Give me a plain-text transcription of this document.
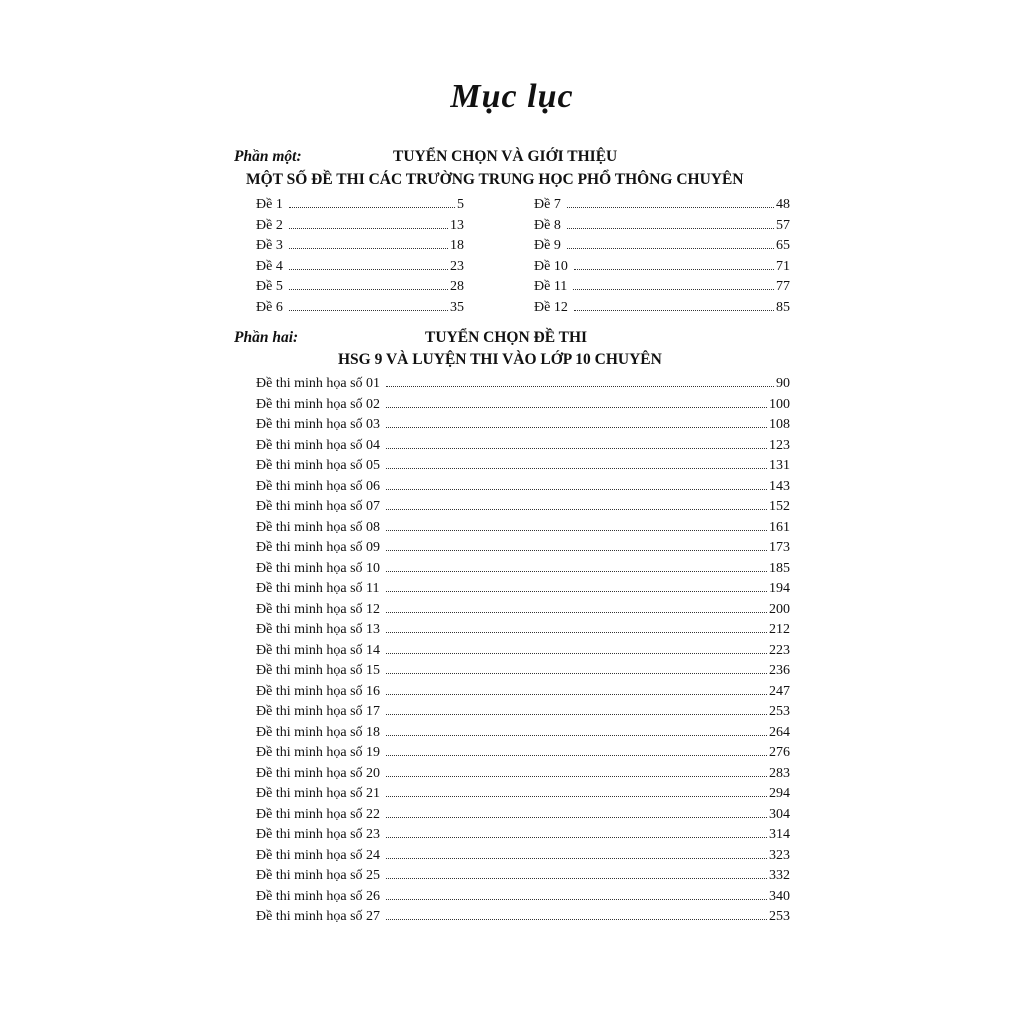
Mục lục
Phần một:	TUYỂN CHỌN VÀ GIỚI THIỆU
MỘT SỐ ĐỀ THI CÁC TRƯỜNG TRUNG HỌC PHỔ THÔNG CHUYÊN
Đề 1	5
Đề 2	13
Đề 3	18
Đề 4	23
Đề 5	28
Đề 6	35
Đề 7	48
Đề 8	57
Đề 9	65
Đề 10	71
Đề 11	77
Đề 12	85
Phần hai:	TUYỂN CHỌN ĐỀ THI
HSG 9 VÀ LUYỆN THI VÀO LỚP 10 CHUYÊN
Đề thi minh họa số 01	90
Đề thi minh họa số 02	100
Đề thi minh họa số 03	108
Đề thi minh họa số 04	123
Đề thi minh họa số 05	131
Đề thi minh họa số 06	143
Đề thi minh họa số 07	152
Đề thi minh họa số 08	161
Đề thi minh họa số 09	173
Đề thi minh họa số 10	185
Đề thi minh họa số 11	194
Đề thi minh họa số 12	200
Đề thi minh họa số 13	212
Đề thi minh họa số 14	223
Đề thi minh họa số 15	236
Đề thi minh họa số 16	247
Đề thi minh họa số 17	253
Đề thi minh họa số 18	264
Đề thi minh họa số 19	276
Đề thi minh họa số 20	283
Đề thi minh họa số 21	294
Đề thi minh họa số 22	304
Đề thi minh họa số 23	314
Đề thi minh họa số 24	323
Đề thi minh họa số 25	332
Đề thi minh họa số 26	340
Đề thi minh họa số 27	253
